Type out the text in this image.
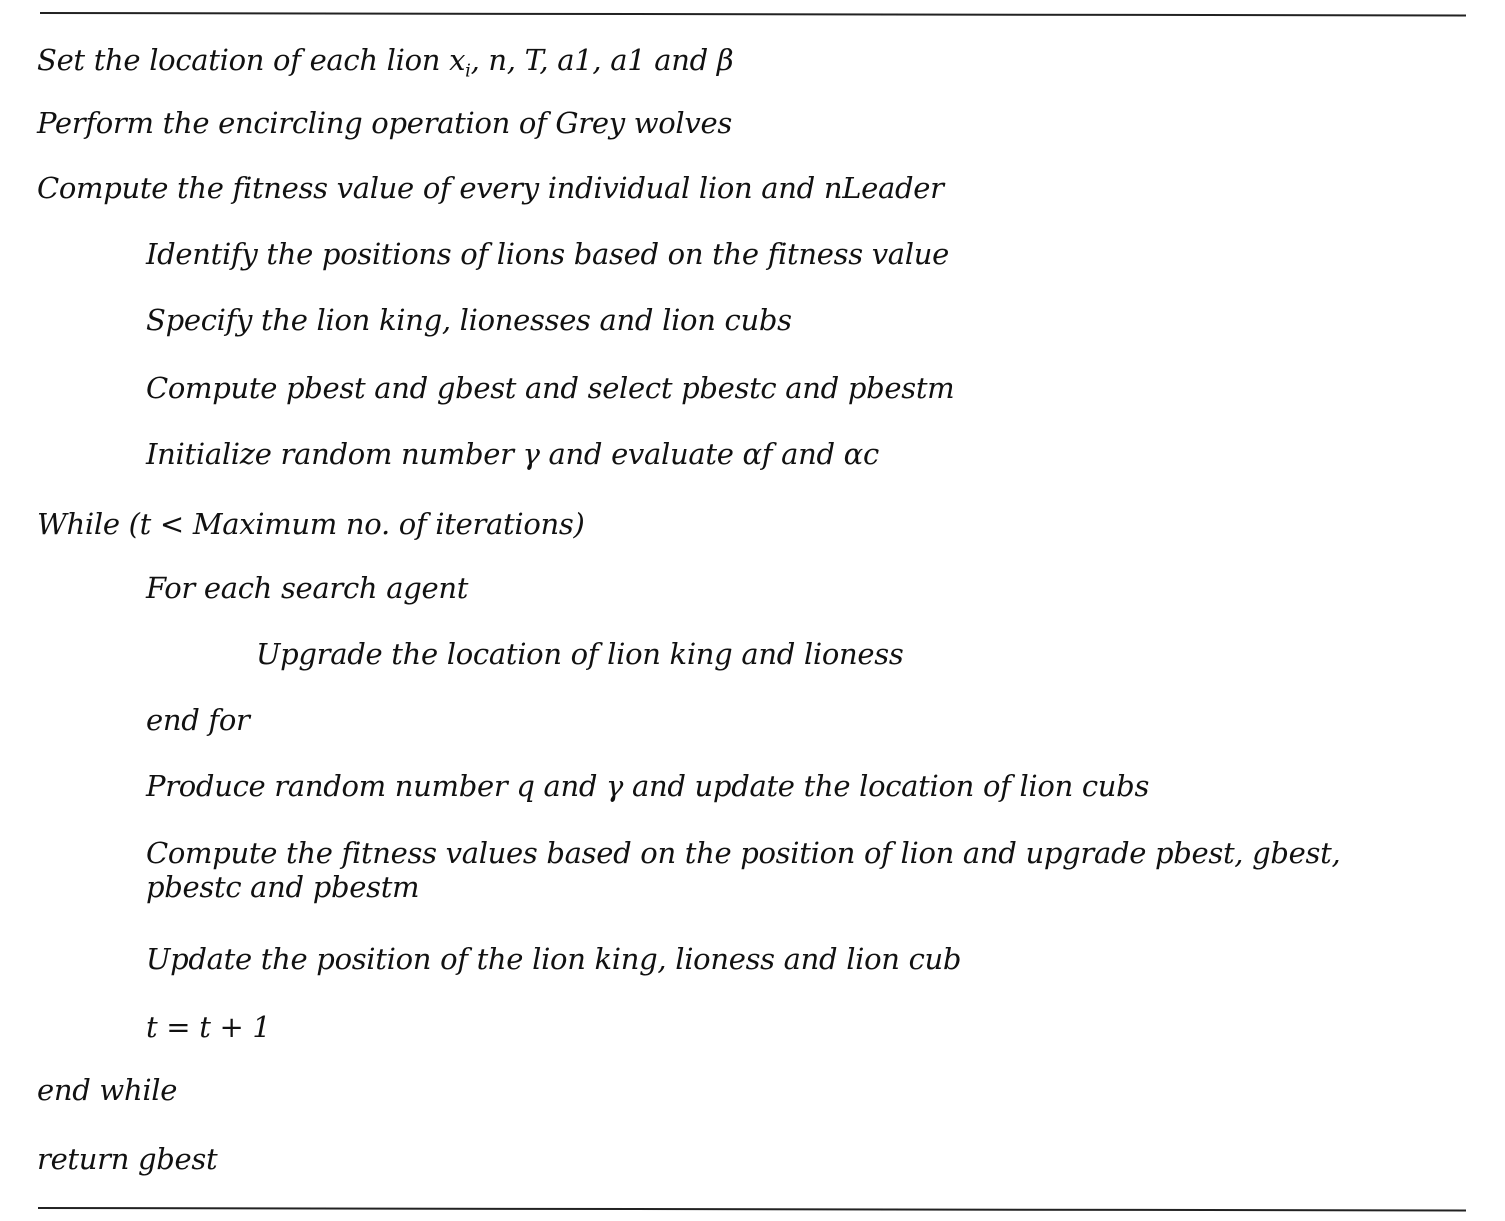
Set the location of each lion $x_i$, n, T, a1, a1 and β
Perform the encircling operation of Grey wolves
Compute the fitness value of every individual lion and nLeader
Identify the positions of lions based on the fitness value
Specify the lion king, lionesses and lion cubs
Compute pbest and gbest and select pbestc and pbestm
Initialize random number γ and evaluate αf and αc
While (t < Maximum no. of iterations)
For each search agent
Upgrade the location of lion king and lioness
end for
Produce random number q and γ and update the location of lion cubs
Compute the fitness values based on the position of lion and upgrade pbest, gbest, pbestc and pbestm
Update the position of the lion king, lioness and lion cub
t = t + 1
end while
return gbest
